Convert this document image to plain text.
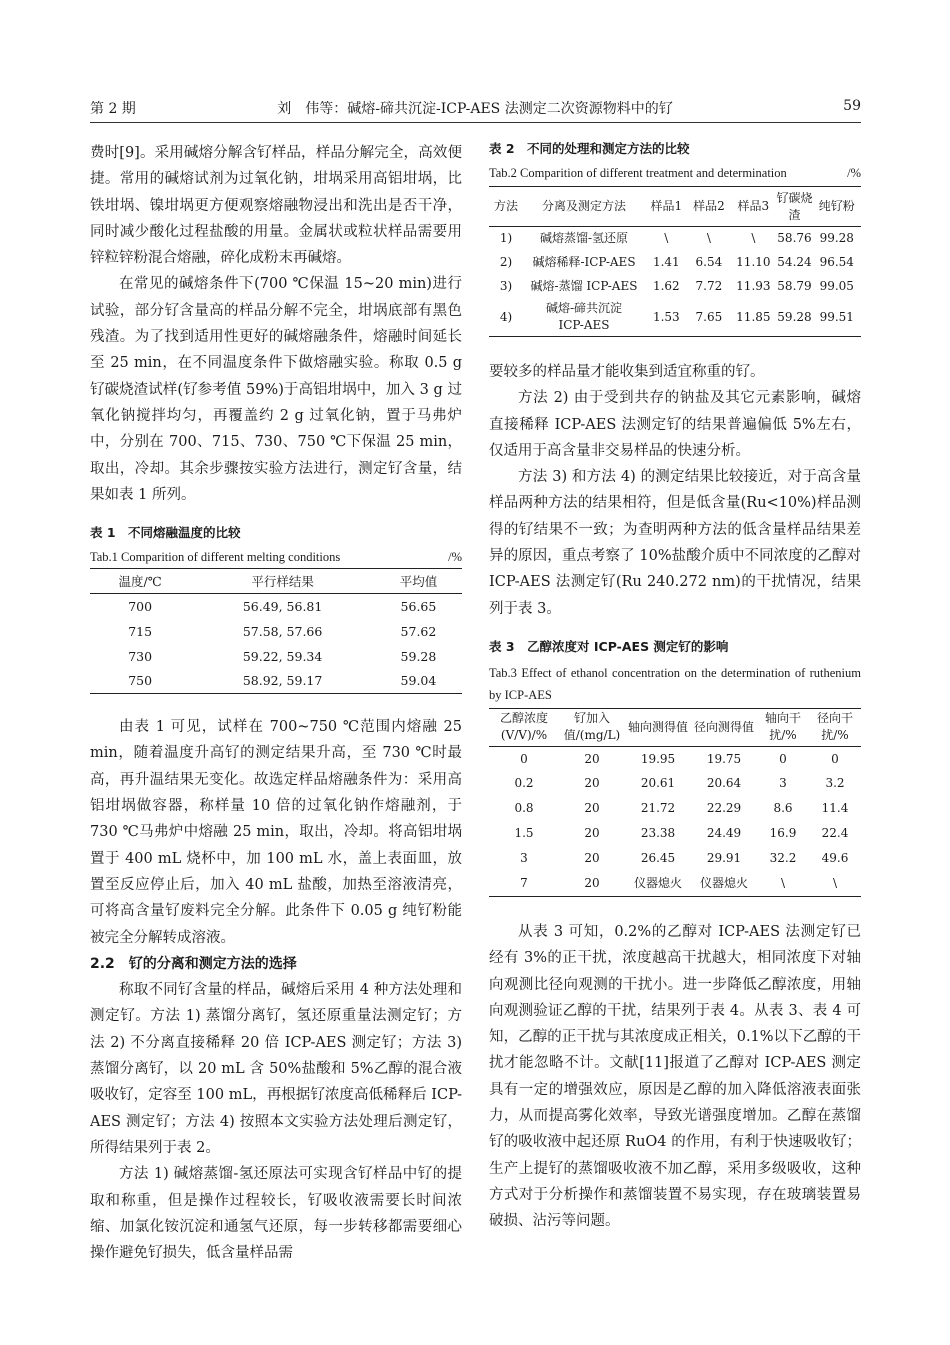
第 2 期	刘　伟等：碱熔-碲共沉淀-ICP-AES 法测定二次资源物料中的钌	59

费时[9]。采用碱熔分解含钌样品，样品分解完全，高效便捷。常用的碱熔试剂为过氧化钠，坩埚采用高铝坩埚，比铁坩埚、镍坩埚更方便观察熔融物浸出和洗出是否干净，同时减少酸化过程盐酸的用量。金属状或粒状样品需要用锌粒锌粉混合熔融，碎化成粉末再碱熔。

在常见的碱熔条件下(700 ℃保温 15~20 min)进行试验，部分钌含量高的样品分解不完全，坩埚底部有黑色残渣。为了找到适用性更好的碱熔融条件，熔融时间延长至 25 min，在不同温度条件下做熔融实验。称取 0.5 g 钌碳烧渣试样(钌参考值 59%)于高铝坩埚中，加入 3 g 过氧化钠搅拌均匀，再覆盖约 2 g 过氧化钠，置于马弗炉中，分别在 700、715、730、750 ℃下保温 25 min，取出，冷却。其余步骤按实验方法进行，测定钌含量，结果如表 1 所列。

表 1　不同熔融温度的比较
Tab.1 Comparition of different melting conditions	/%
温度/℃	平行样结果	平均值
700	56.49, 56.81	56.65
715	57.58, 57.66	57.62
730	59.22, 59.34	59.28
750	58.92, 59.17	59.04

由表 1 可见，试样在 700~750 ℃范围内熔融 25 min，随着温度升高钌的测定结果升高，至 730 ℃时最高，再升温结果无变化。故选定样品熔融条件为：采用高铝坩埚做容器，称样量 10 倍的过氧化钠作熔融剂，于 730 ℃马弗炉中熔融 25 min，取出，冷却。将高铝坩埚置于 400 mL 烧杯中，加 100 mL 水，盖上表面皿，放置至反应停止后，加入 40 mL 盐酸，加热至溶液清亮，可将高含量钌废料完全分解。此条件下 0.05 g 纯钌粉能被完全分解转成溶液。

2.2　钌的分离和测定方法的选择

称取不同钌含量的样品，碱熔后采用 4 种方法处理和测定钌。方法 1) 蒸馏分离钌，氢还原重量法测定钌；方法 2) 不分离直接稀释 20 倍 ICP-AES 测定钌；方法 3) 蒸馏分离钌，以 20 mL 含 50%盐酸和 5%乙醇的混合液吸收钌，定容至 100 mL，再根据钌浓度高低稀释后 ICP-AES 测定钌；方法 4) 按照本文实验方法处理后测定钌，所得结果列于表 2。

方法 1) 碱熔蒸馏-氢还原法可实现含钌样品中钌的提取和称重，但是操作过程较长，钌吸收液需要长时间浓缩、加氯化铵沉淀和通氢气还原，每一步转移都需要细心操作避免钌损失，低含量样品需

表 2　不同的处理和测定方法的比较
Tab.2 Comparition of different treatment and determination	/%
方法	分离及测定方法	样品1	样品2	样品3	钌碳烧渣	纯钌粉
1)	碱熔蒸馏-氢还原	\	\	\	58.76	99.28
2)	碱熔稀释-ICP-AES	1.41	6.54	11.10	54.24	96.54
3)	碱熔-蒸馏 ICP-AES	1.62	7.72	11.93	58.79	99.05
4)	碱熔-碲共沉淀 ICP-AES	1.53	7.65	11.85	59.28	99.51

要较多的样品量才能收集到适宜称重的钌。

方法 2) 由于受到共存的钠盐及其它元素影响，碱熔直接稀释 ICP-AES 法测定钌的结果普遍偏低 5%左右，仅适用于高含量非交易样品的快速分析。

方法 3) 和方法 4) 的测定结果比较接近，对于高含量样品两种方法的结果相符，但是低含量(Ru<10%)样品测得的钌结果不一致；为查明两种方法的低含量样品结果差异的原因，重点考察了 10%盐酸介质中不同浓度的乙醇对 ICP-AES 法测定钌(Ru 240.272 nm)的干扰情况，结果列于表 3。

表 3　乙醇浓度对 ICP-AES 测定钌的影响
Tab.3 Effect of ethanol concentration on the determination of ruthenium by ICP-AES
乙醇浓度(V/V)/%	钌加入值/(mg/L)	轴向测得值	径向测得值	轴向干扰/%	径向干扰/%
0	20	19.95	19.75	0	0
0.2	20	20.61	20.64	3	3.2
0.8	20	21.72	22.29	8.6	11.4
1.5	20	23.38	24.49	16.9	22.4
3	20	26.45	29.91	32.2	49.6
7	20	仪器熄火	仪器熄火	\	\

从表 3 可知，0.2%的乙醇对 ICP-AES 法测定钌已经有 3%的正干扰，浓度越高干扰越大，相同浓度下对轴向观测比径向观测的干扰小。进一步降低乙醇浓度，用轴向观测验证乙醇的干扰，结果列于表 4。从表 3、表 4 可知，乙醇的正干扰与其浓度成正相关，0.1%以下乙醇的干扰才能忽略不计。文献[11]报道了乙醇对 ICP-AES 测定具有一定的增强效应，原因是乙醇的加入降低溶液表面张力，从而提高雾化效率，导致光谱强度增加。乙醇在蒸馏钌的吸收液中起还原 RuO4 的作用，有利于快速吸收钌；生产上提钌的蒸馏吸收液不加乙醇，采用多级吸收，这种方式对于分析操作和蒸馏装置不易实现，存在玻璃装置易破损、沾污等问题。
